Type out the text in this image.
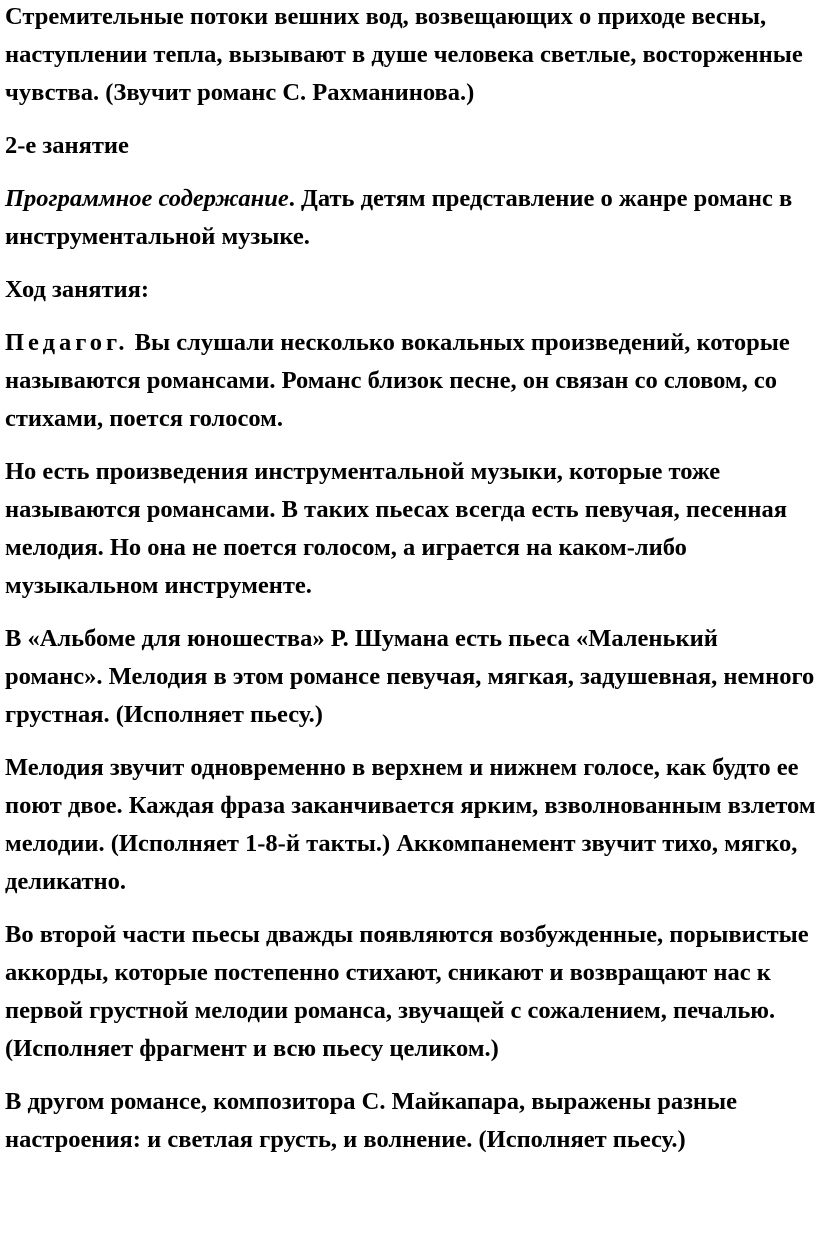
Стремительные потоки вешних вод, возвещающих о приходе весны, наступлении тепла, вызывают в душе человека светлые, восторженные чувства. (Звучит романс С. Рахманинова.)

2-е занятие

Программное содержание. Дать детям представление о жанре романс в инструментальной музыке.

Ход занятия:

Педагог. Вы слушали несколько вокальных произведений, которые называются романсами. Романс близок песне, он связан со словом, со стихами, поется голосом.

Но есть произведения инструментальной музыки, которые тоже называются романсами. В таких пьесах всегда есть певучая, песенная мелодия. Но она не поется голосом, а играется на каком-либо музыкальном инструменте.

В «Альбоме для юношества» Р. Шумана есть пьеса «Маленький романс». Мелодия в этом романсе певучая, мягкая, задушевная, немного грустная. (Исполняет пьесу.)

Мелодия звучит одновременно в верхнем и нижнем голосе, как будто ее поют двое. Каждая фраза заканчивается ярким, взволнованным взлетом мелодии. (Исполняет 1-8-й такты.) Аккомпанемент звучит тихо, мягко, деликатно.

Во второй части пьесы дважды появляются возбужденные, порывистые аккорды, которые постепенно стихают, сникают и возвращают нас к первой грустной мелодии романса, звучащей с сожалением, печалью. (Исполняет фрагмент и всю пьесу целиком.)

В другом романсе, композитора С. Майкапара, выражены разные настроения: и светлая грусть, и волнение. (Исполняет пьесу.)
